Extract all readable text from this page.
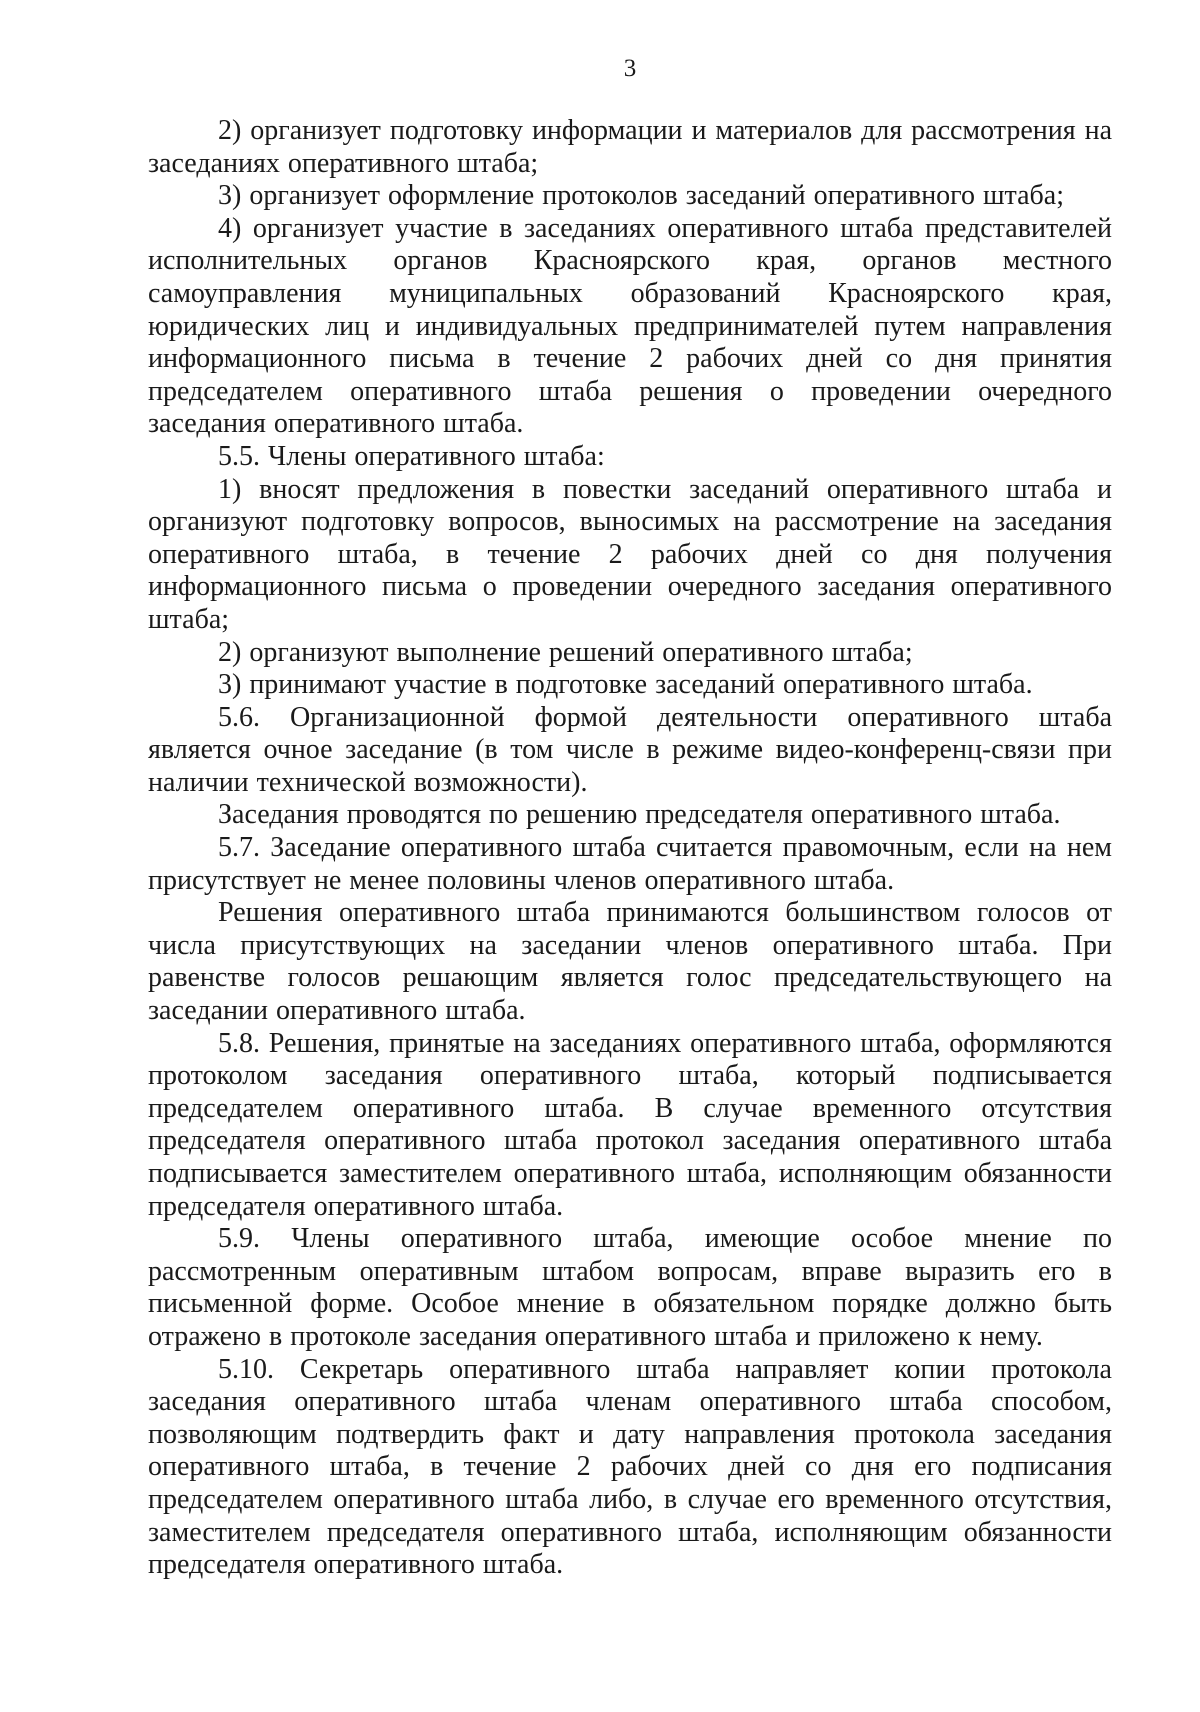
3

2) организует подготовку информации и материалов для рассмотрения на заседаниях оперативного штаба;

3) организует оформление протоколов заседаний оперативного штаба;

4) организует участие в заседаниях оперативного штаба представителей исполнительных органов Красноярского края, органов местного самоуправления муниципальных образований Красноярского края, юридических лиц и индивидуальных предпринимателей путем направления информационного письма в течение 2 рабочих дней со дня принятия председателем оперативного штаба решения о проведении очередного заседания оперативного штаба.

5.5. Члены оперативного штаба:

1) вносят предложения в повестки заседаний оперативного штаба и организуют подготовку вопросов, выносимых на рассмотрение на заседания оперативного штаба, в течение 2 рабочих дней со дня получения информационного письма о проведении очередного заседания оперативного штаба;

2) организуют выполнение решений оперативного штаба;

3) принимают участие в подготовке заседаний оперативного штаба.

5.6. Организационной формой деятельности оперативного штаба является очное заседание (в том числе в режиме видео-конференц-связи при наличии технической возможности).

Заседания проводятся по решению председателя оперативного штаба.

5.7. Заседание оперативного штаба считается правомочным, если на нем присутствует не менее половины членов оперативного штаба.

Решения оперативного штаба принимаются большинством голосов от числа присутствующих на заседании членов оперативного штаба. При равенстве голосов решающим является голос председательствующего на заседании оперативного штаба.

5.8. Решения, принятые на заседаниях оперативного штаба, оформляются протоколом заседания оперативного штаба, который подписывается председателем оперативного штаба. В случае временного отсутствия председателя оперативного штаба протокол заседания оперативного штаба подписывается заместителем оперативного штаба, исполняющим обязанности председателя оперативного штаба.

5.9. Члены оперативного штаба, имеющие особое мнение по рассмотренным оперативным штабом вопросам, вправе выразить его в письменной форме. Особое мнение в обязательном порядке должно быть отражено в протоколе заседания оперативного штаба и приложено к нему.

5.10. Секретарь оперативного штаба направляет копии протокола заседания оперативного штаба членам оперативного штаба способом, позволяющим подтвердить факт и дату направления протокола заседания оперативного штаба, в течение 2 рабочих дней со дня его подписания председателем оперативного штаба либо, в случае его временного отсутствия, заместителем председателя оперативного штаба, исполняющим обязанности председателя оперативного штаба.
